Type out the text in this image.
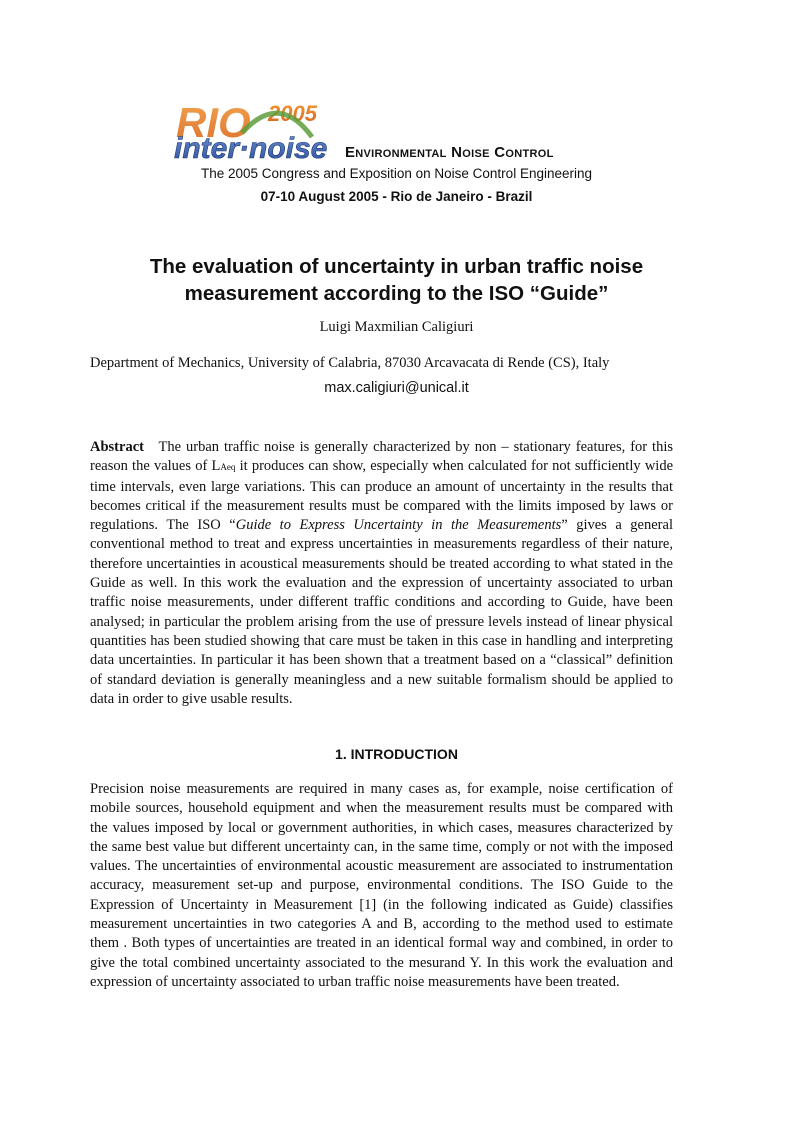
RIO 2005
inter·noise Environmental Noise Control
The 2005 Congress and Exposition on Noise Control Engineering
07-10 August 2005 - Rio de Janeiro - Brazil
The evaluation of uncertainty in urban traffic noise measurement according to the ISO “Guide”
Luigi Maxmilian Caligiuri
Department of Mechanics, University of Calabria, 87030 Arcavacata di Rende (CS), Italy
max.caligiuri@unical.it
Abstract The urban traffic noise is generally characterized by non – stationary features, for this reason the values of LAeq it produces can show, especially when calculated for not sufficiently wide time intervals, even large variations. This can produce an amount of uncertainty in the results that becomes critical if the measurement results must be compared with the limits imposed by laws or regulations. The ISO “Guide to Express Uncertainty in the Measurements” gives a general conventional method to treat and express uncertainties in measurements regardless of their nature, therefore uncertainties in acoustical measurements should be treated according to what stated in the Guide as well. In this work the evaluation and the expression of uncertainty associated to urban traffic noise measurements, under different traffic conditions and according to Guide, have been analysed; in particular the problem arising from the use of pressure levels instead of linear physical quantities has been studied showing that care must be taken in this case in handling and interpreting data uncertainties. In particular it has been shown that a treatment based on a “classical” definition of standard deviation is generally meaningless and a new suitable formalism should be applied to data in order to give usable results.
1. INTRODUCTION
Precision noise measurements are required in many cases as, for example, noise certification of mobile sources, household equipment and when the measurement results must be compared with the values imposed by local or government authorities, in which cases, measures characterized by the same best value but different uncertainty can, in the same time, comply or not with the imposed values. The uncertainties of environmental acoustic measurement are associated to instrumentation accuracy, measurement set-up and purpose, environmental conditions. The ISO Guide to the Expression of Uncertainty in Measurement [1] (in the following indicated as Guide) classifies measurement uncertainties in two categories A and B, according to the method used to estimate them . Both types of uncertainties are treated in an identical formal way and combined, in order to give the total combined uncertainty associated to the mesurand Y. In this work the evaluation and expression of uncertainty associated to urban traffic noise measurements have been treated.
